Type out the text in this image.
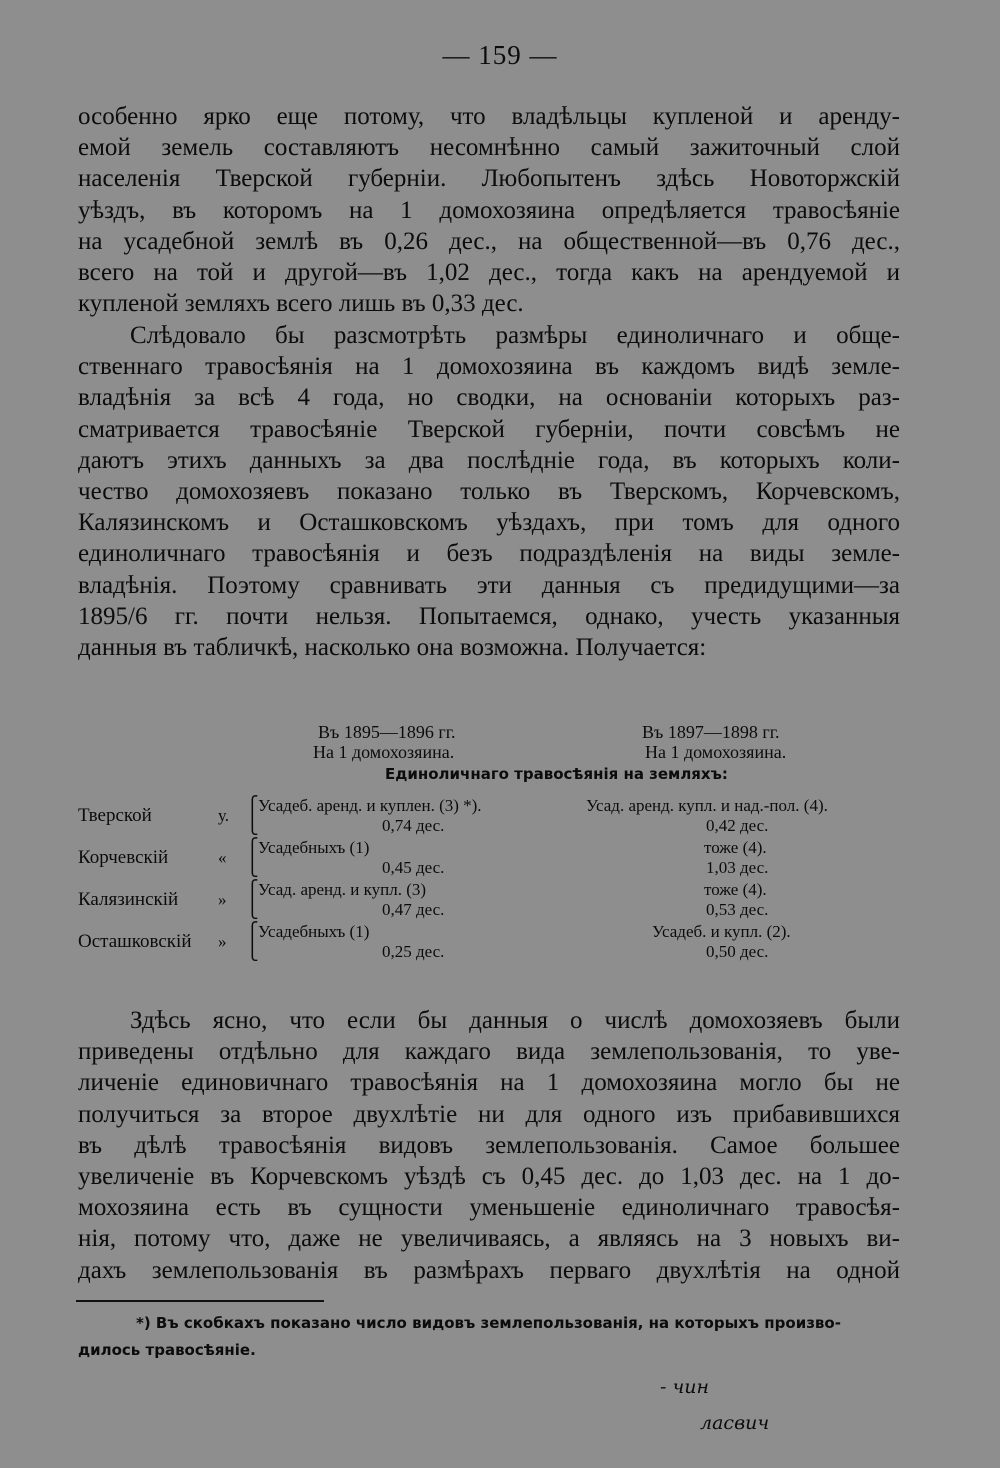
— 159 —
особенно ярко еще потому, что владѣльцы купленой и аренду-
емой земель составляютъ несомнѣнно самый зажиточный слой
населенія Тверской губерніи. Любопытенъ здѣсь Новоторжскій
уѣздъ, въ которомъ на 1 домохозяина опредѣляется травосѣяніе
на усадебной землѣ въ 0,26 дес., на общественной—въ 0,76 дес.,
всего на той и другой—въ 1,02 дес., тогда какъ на арендуемой и
купленой земляхъ всего лишь въ 0,33 дес.
Слѣдовало бы разсмотрѣть размѣры единоличнаго и обще-
ственнаго травосѣянія на 1 домохозяина въ каждомъ видѣ земле-
владѣнія за всѣ 4 года, но сводки, на основаніи которыхъ раз-
сматривается травосѣяніе Тверской губерніи, почти совсѣмъ не
даютъ этихъ данныхъ за два послѣдніе года, въ которыхъ коли-
чество домохозяевъ показано только въ Тверскомъ, Корчевскомъ,
Калязинскомъ и Осташковскомъ уѣздахъ, при томъ для одного
единоличнаго травосѣянія и безъ подраздѣленія на виды земле-
владѣнія. Поэтому сравнивать эти данныя съ предидущими—за
1895/6 гг. почти нельзя. Попытаемся, однако, учесть указанныя
данныя въ табличкѣ, насколько она возможна. Получается:
Въ 1895—1896 гг.
На 1 домохозяина.
Въ 1897—1898 гг.
На 1 домохозяина.
Единоличнаго травосѣянія на земляхъ:
Тверской	у.
⎧
⎩
Усадеб. аренд. и куплен. (3) *).
0,74 дес.
Усад. аренд. купл. и над.-пол. (4).
0,42 дес.
Корчевскій	«
⎧
⎩
Усадебныхъ (1)
0,45 дес.
тоже (4).
1,03 дес.
Калязинскій »
⎧
⎩
Усад. аренд. и купл. (3)
0,47 дес.
тоже (4).
0,53 дес.
Осташковскій »
⎧
⎩
Усадебныхъ (1)
0,25 дес.
Усадеб. и купл. (2).
0,50 дес.
Здѣсь ясно, что если бы данныя о числѣ домохозяевъ были
приведены отдѣльно для каждаго вида землепользованія, то уве-
личеніе единовичнаго травосѣянія на 1 домохозяина могло бы не
получиться за второе двухлѣтіе ни для одного изъ прибавившихся
въ дѣлѣ травосѣянія видовъ землепользованія. Самое большее
увеличеніе въ Корчевскомъ уѣздѣ съ 0,45 дес. до 1,03 дес. на 1 до-
мохозяина есть въ сущности уменьшеніе единоличнаго травосѣя-
нія, потому что, даже не увеличиваясь, а являясь на 3 новыхъ ви-
дахъ землепользованія въ размѣрахъ перваго двухлѣтія на одной
*) Въ скобкахъ показано число видовъ землепользованія, на которыхъ произво-
дилось травосѣяніе.
- чин
ласвич
